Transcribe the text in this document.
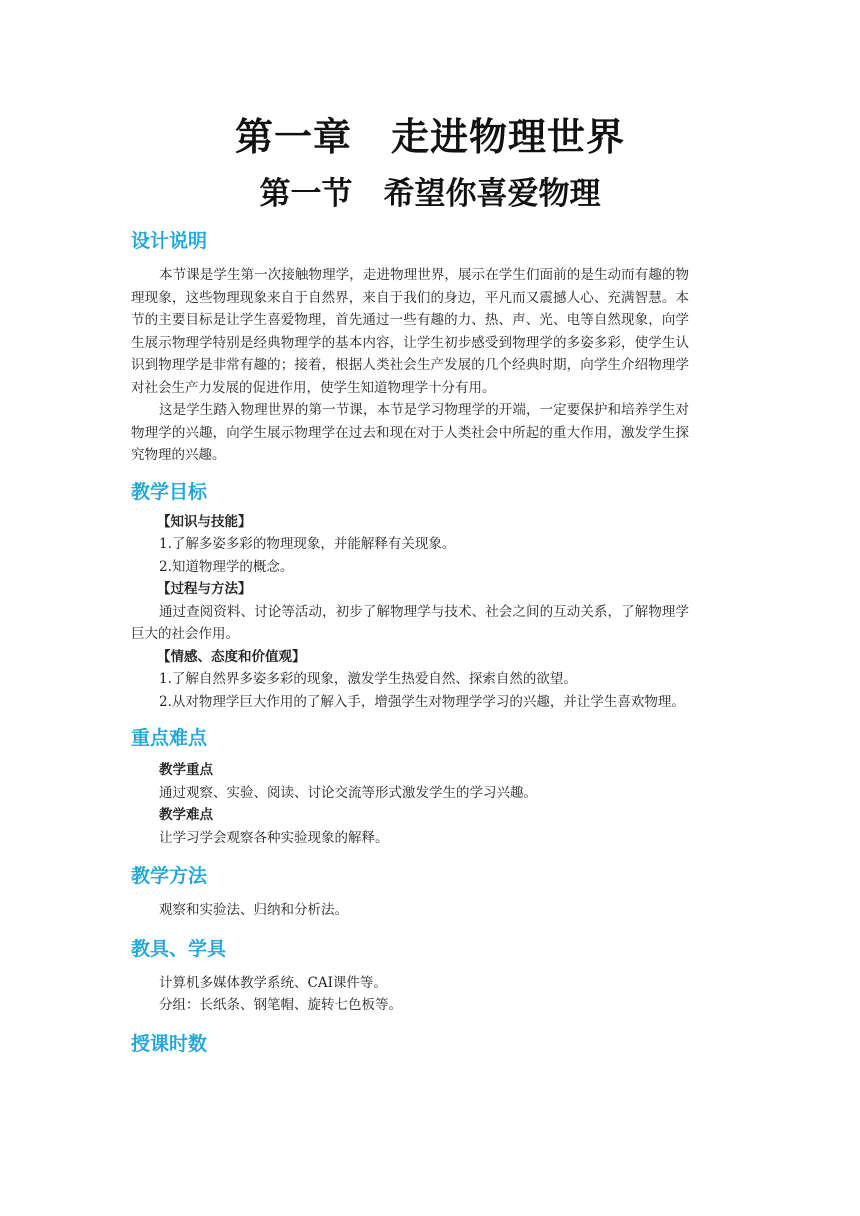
第一章　走进物理世界
第一节　希望你喜爱物理
设计说明

本节课是学生第一次接触物理学，走进物理世界，展示在学生们面前的是生动而有趣的物理现象，这些物理现象来自于自然界，来自于我们的身边，平凡而又震撼人心、充满智慧。本节的主要目标是让学生喜爱物理，首先通过一些有趣的力、热、声、光、电等自然现象，向学生展示物理学特别是经典物理学的基本内容，让学生初步感受到物理学的多姿多彩，使学生认识到物理学是非常有趣的；接着，根据人类社会生产发展的几个经典时期，向学生介绍物理学对社会生产力发展的促进作用，使学生知道物理学十分有用。

这是学生踏入物理世界的第一节课，本节是学习物理学的开端，一定要保护和培养学生对物理学的兴趣，向学生展示物理学在过去和现在对于人类社会中所起的重大作用，激发学生探究物理的兴趣。

教学目标

【知识与技能】

1.了解多姿多彩的物理现象，并能解释有关现象。

2.知道物理学的概念。

【过程与方法】

通过查阅资料、讨论等活动，初步了解物理学与技术、社会之间的互动关系，了解物理学巨大的社会作用。

【情感、态度和价值观】

1.了解自然界多姿多彩的现象，激发学生热爱自然、探索自然的欲望。

2.从对物理学巨大作用的了解入手，增强学生对物理学学习的兴趣，并让学生喜欢物理。

重点难点

教学重点

通过观察、实验、阅读、讨论交流等形式激发学生的学习兴趣。

教学难点

让学习学会观察各种实验现象的解释。

教学方法

观察和实验法、归纳和分析法。

教具、学具

计算机多媒体教学系统、CAI课件等。

分组：长纸条、钢笔帽、旋转七色板等。

授课时数
